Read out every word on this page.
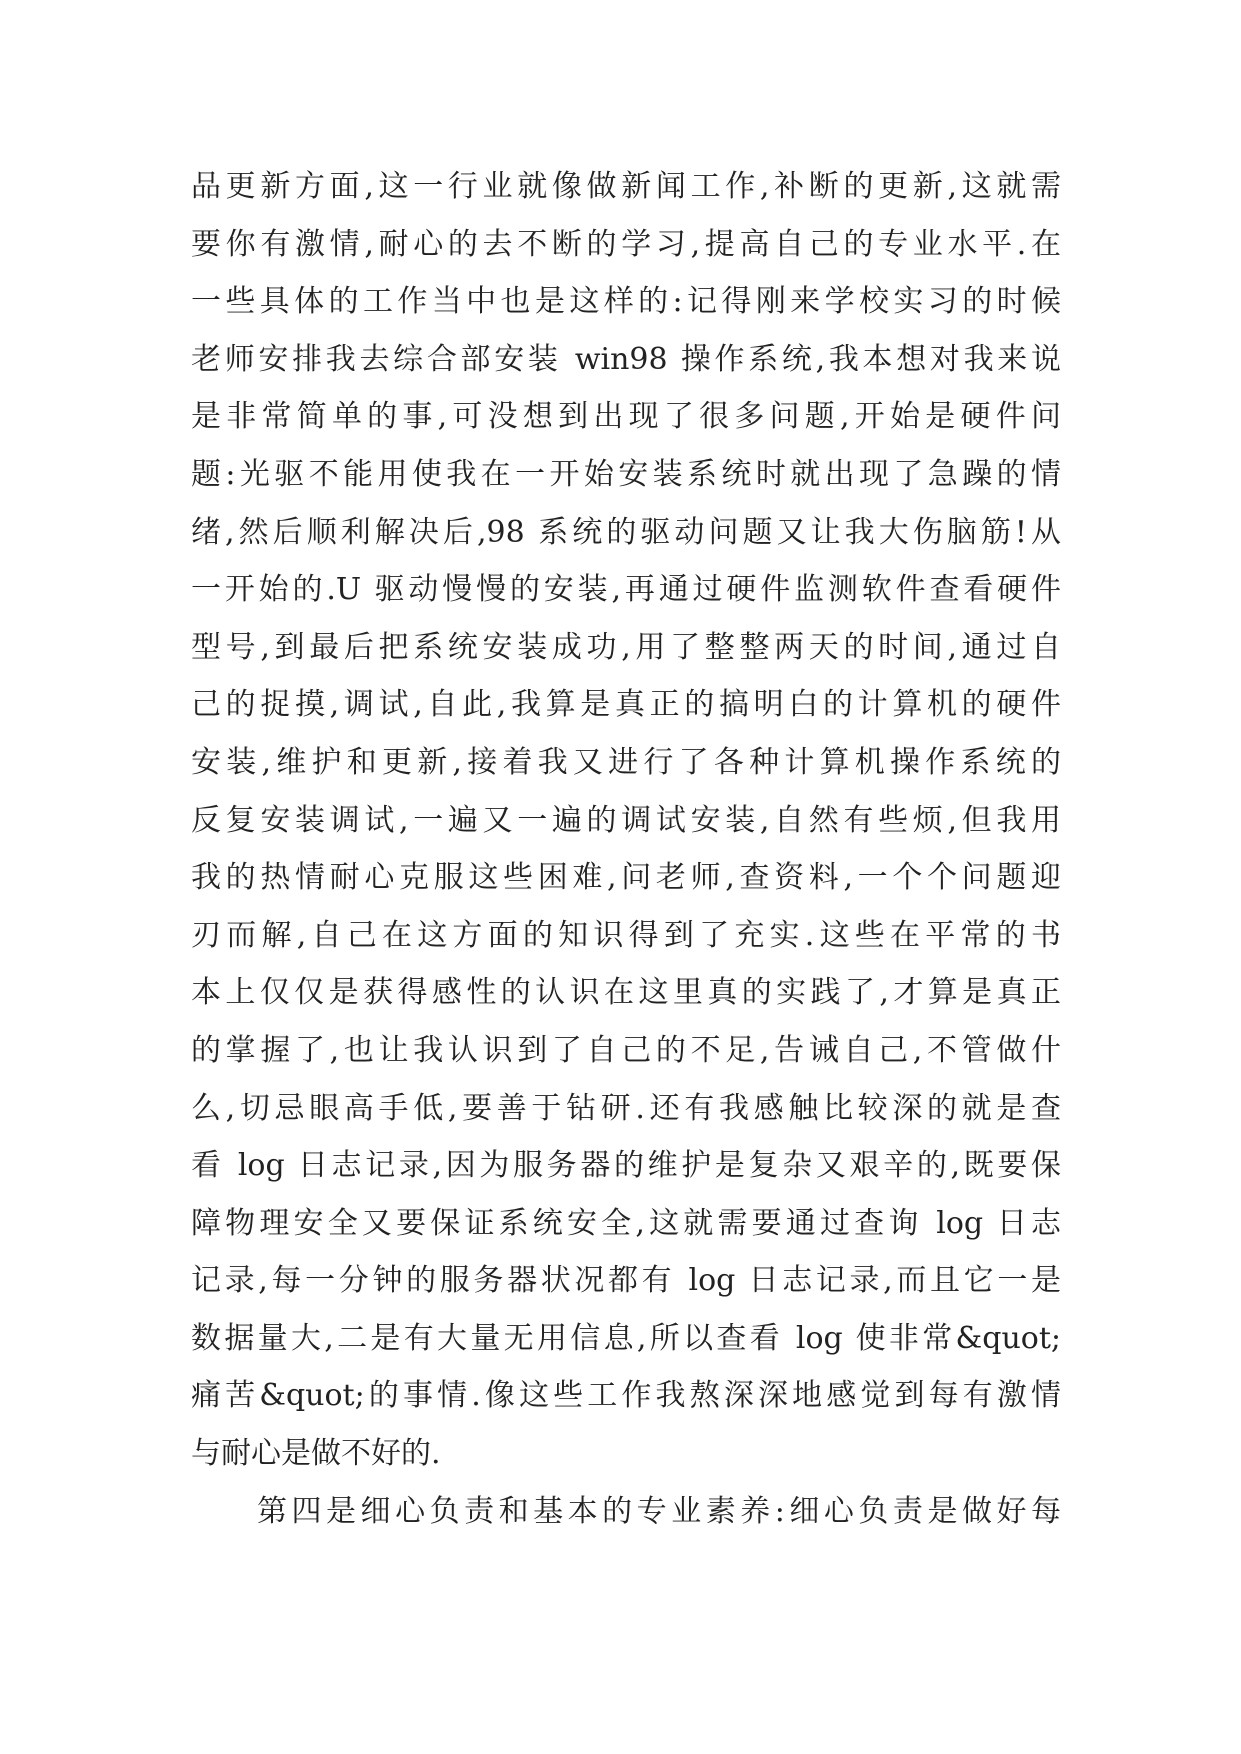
品更新方面,这一行业就像做新闻工作,补断的更新,这就需
要你有激情,耐心的去不断的学习,提高自己的专业水平.在
一些具体的工作当中也是这样的:记得刚来学校实习的时候
老师安排我去综合部安装 win98 操作系统,我本想对我来说
是非常简单的事,可没想到出现了很多问题,开始是硬件问
题:光驱不能用使我在一开始安装系统时就出现了急躁的情
绪,然后顺利解决后,98 系统的驱动问题又让我大伤脑筋!从
一开始的.U 驱动慢慢的安装,再通过硬件监测软件查看硬件
型号,到最后把系统安装成功,用了整整两天的时间,通过自
己的捉摸,调试,自此,我算是真正的搞明白的计算机的硬件
安装,维护和更新,接着我又进行了各种计算机操作系统的
反复安装调试,一遍又一遍的调试安装,自然有些烦,但我用
我的热情耐心克服这些困难,问老师,查资料,一个个问题迎
刃而解,自己在这方面的知识得到了充实.这些在平常的书
本上仅仅是获得感性的认识在这里真的实践了,才算是真正
的掌握了,也让我认识到了自己的不足,告诫自己,不管做什
么,切忌眼高手低,要善于钻研.还有我感触比较深的就是查
看 log 日志记录,因为服务器的维护是复杂又艰辛的,既要保
障物理安全又要保证系统安全,这就需要通过查询 log 日志
记录,每一分钟的服务器状况都有 log 日志记录,而且它一是
数据量大,二是有大量无用信息,所以查看 log 使非常&quot;
痛苦&quot;的事情.像这些工作我熬深深地感觉到每有激情
与耐心是做不好的.
第四是细心负责和基本的专业素养:细心负责是做好每
